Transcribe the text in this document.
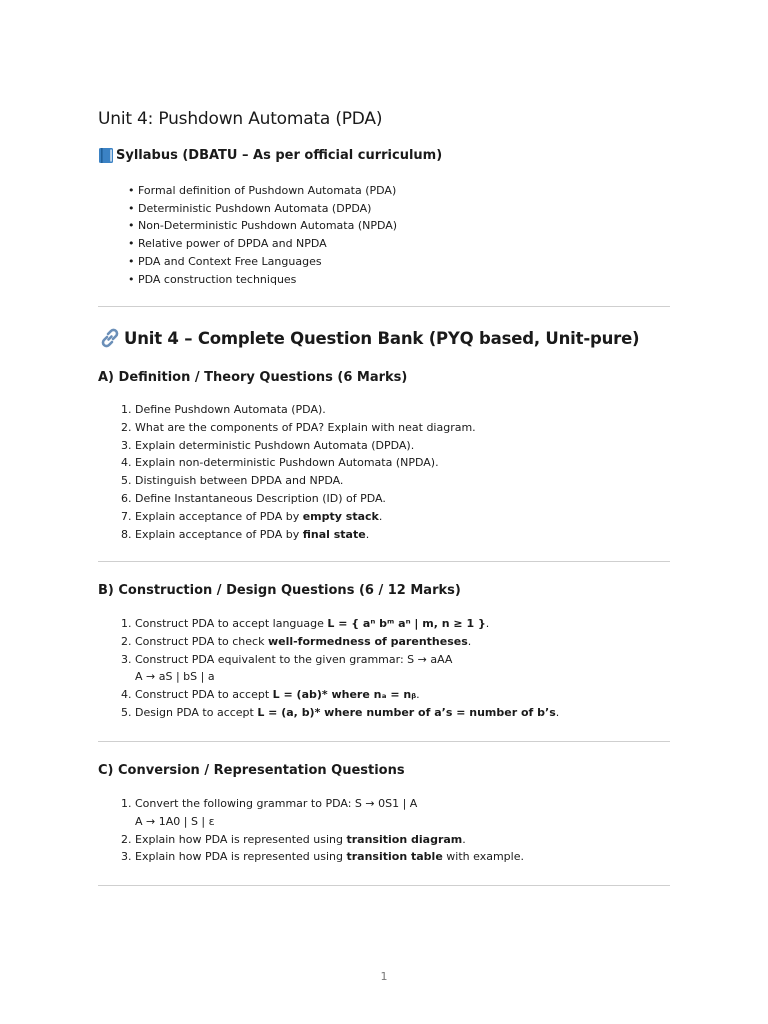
Unit 4: Pushdown Automata (PDA)
Syllabus (DBATU – As per official curriculum)
• Formal definition of Pushdown Automata (PDA)
• Deterministic Pushdown Automata (DPDA)
• Non-Deterministic Pushdown Automata (NPDA)
• Relative power of DPDA and NPDA
• PDA and Context Free Languages
• PDA construction techniques
Unit 4 – Complete Question Bank (PYQ based, Unit-pure)
A) Definition / Theory Questions (6 Marks)
1. Define Pushdown Automata (PDA).
2. What are the components of PDA? Explain with neat diagram.
3. Explain deterministic Pushdown Automata (DPDA).
4. Explain non-deterministic Pushdown Automata (NPDA).
5. Distinguish between DPDA and NPDA.
6. Define Instantaneous Description (ID) of PDA.
7. Explain acceptance of PDA by empty stack.
8. Explain acceptance of PDA by final state.
B) Construction / Design Questions (6 / 12 Marks)
1. Construct PDA to accept language L = { aⁿ bᵐ aⁿ | m, n ≥ 1 }.
2. Construct PDA to check well-formedness of parentheses.
3. Construct PDA equivalent to the given grammar: S → aAA
A → aS | bS | a
4. Construct PDA to accept L = (ab)* where nₐ = nᵦ.
5. Design PDA to accept L = (a, b)* where number of a’s = number of b’s.
C) Conversion / Representation Questions
1. Convert the following grammar to PDA: S → 0S1 | A
A → 1A0 | S | ε
2. Explain how PDA is represented using transition diagram.
3. Explain how PDA is represented using transition table with example.
1
